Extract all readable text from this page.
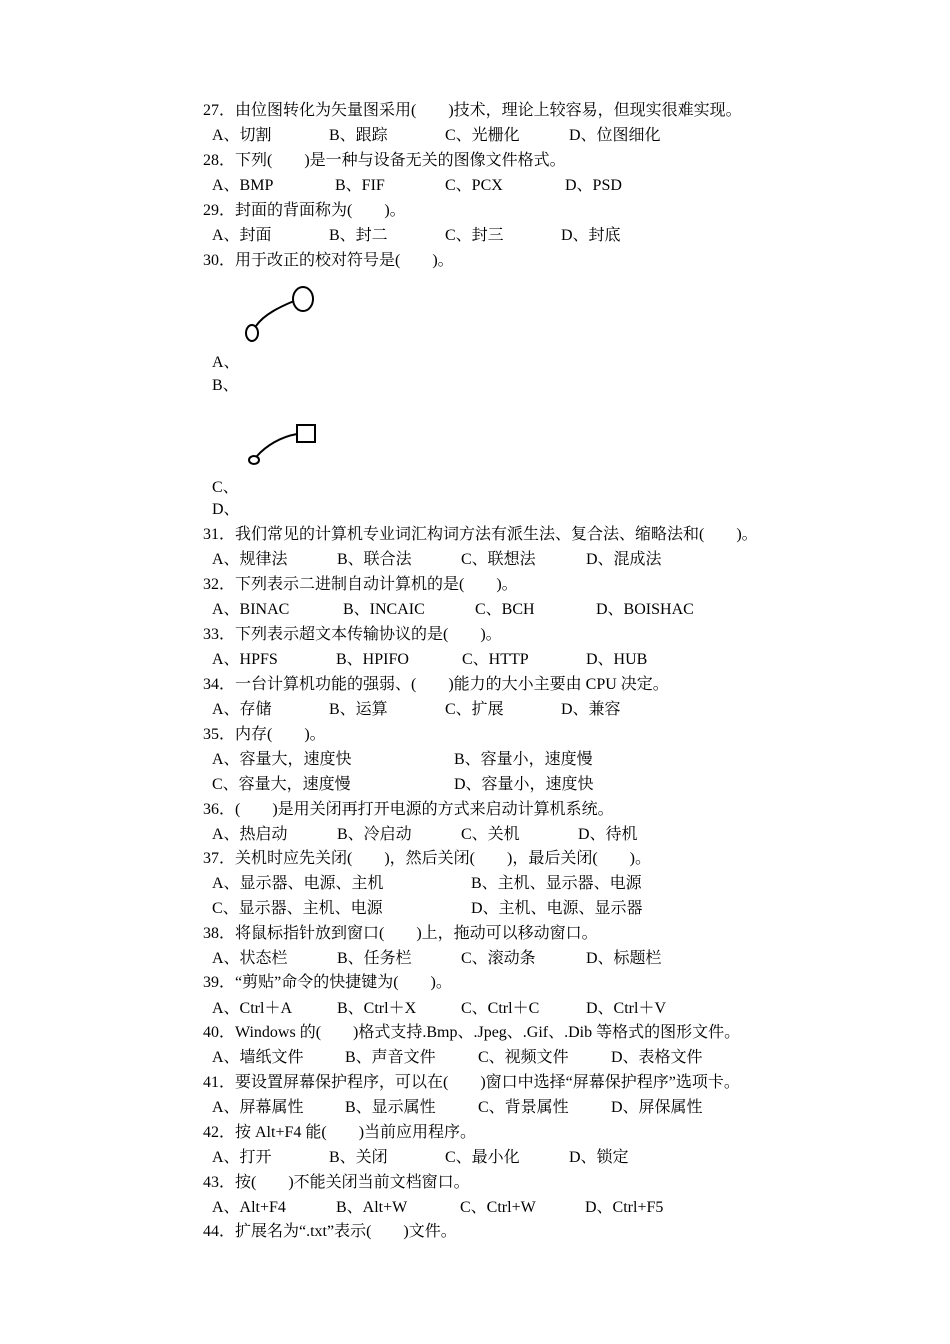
27．由位图转化为矢量图采用(　　)技术，理论上较容易，但现实很难实现。
A、切割	B、跟踪	C、光栅化	D、位图细化
28．下列(　　)是一种与设备无关的图像文件格式。
A、BMP	B、FIF	C、PCX	D、PSD
29．封面的背面称为(　　)。
A、封面	B、封二	C、封三	D、封底
30．用于改正的校对符号是(　　)。
A、
B、
C、
D、
31．我们常见的计算机专业词汇构词方法有派生法、复合法、缩略法和(　　)。
A、规律法	B、联合法	C、联想法	D、混成法
32．下列表示二进制自动计算机的是(　　)。
A、BINAC	B、INCAIC	C、BCH	D、BOISHAC
33．下列表示超文本传输协议的是(　　)。
A、HPFS	B、HPIFO	C、HTTP	D、HUB
34．一台计算机功能的强弱、(　　)能力的大小主要由 CPU 决定。
A、存储	B、运算	C、扩展	D、兼容
35．内存(　　)。
A、容量大，速度快	B、容量小，速度慢
C、容量大，速度慢	D、容量小，速度快
36．(　　)是用关闭再打开电源的方式来启动计算机系统。
A、热启动	B、冷启动	C、关机	D、待机
37．关机时应先关闭(　　)，然后关闭(　　)，最后关闭(　　)。
A、显示器、电源、主机	B、主机、显示器、电源
C、显示器、主机、电源	D、主机、电源、显示器
38．将鼠标指针放到窗口(　　)上，拖动可以移动窗口。
A、状态栏	B、任务栏	C、滚动条	D、标题栏
39．“剪贴”命令的快捷键为(　　)。
A、Ctrl＋A	B、Ctrl＋X	C、Ctrl＋C	D、Ctrl＋V
40．Windows 的(　　)格式支持.Bmp、.Jpeg、.Gif、.Dib 等格式的图形文件。
A、墙纸文件	B、声音文件	C、视频文件	D、表格文件
41．要设置屏幕保护程序，可以在(　　)窗口中选择“屏幕保护程序”选项卡。
A、屏幕属性	B、显示属性	C、背景属性	D、屏保属性
42．按 Alt+F4 能(　　)当前应用程序。
A、打开	B、关闭	C、最小化	D、锁定
43．按(　　)不能关闭当前文档窗口。
A、Alt+F4	B、Alt+W	C、Ctrl+W	D、Ctrl+F5
44．扩展名为“.txt”表示(　　)文件。
